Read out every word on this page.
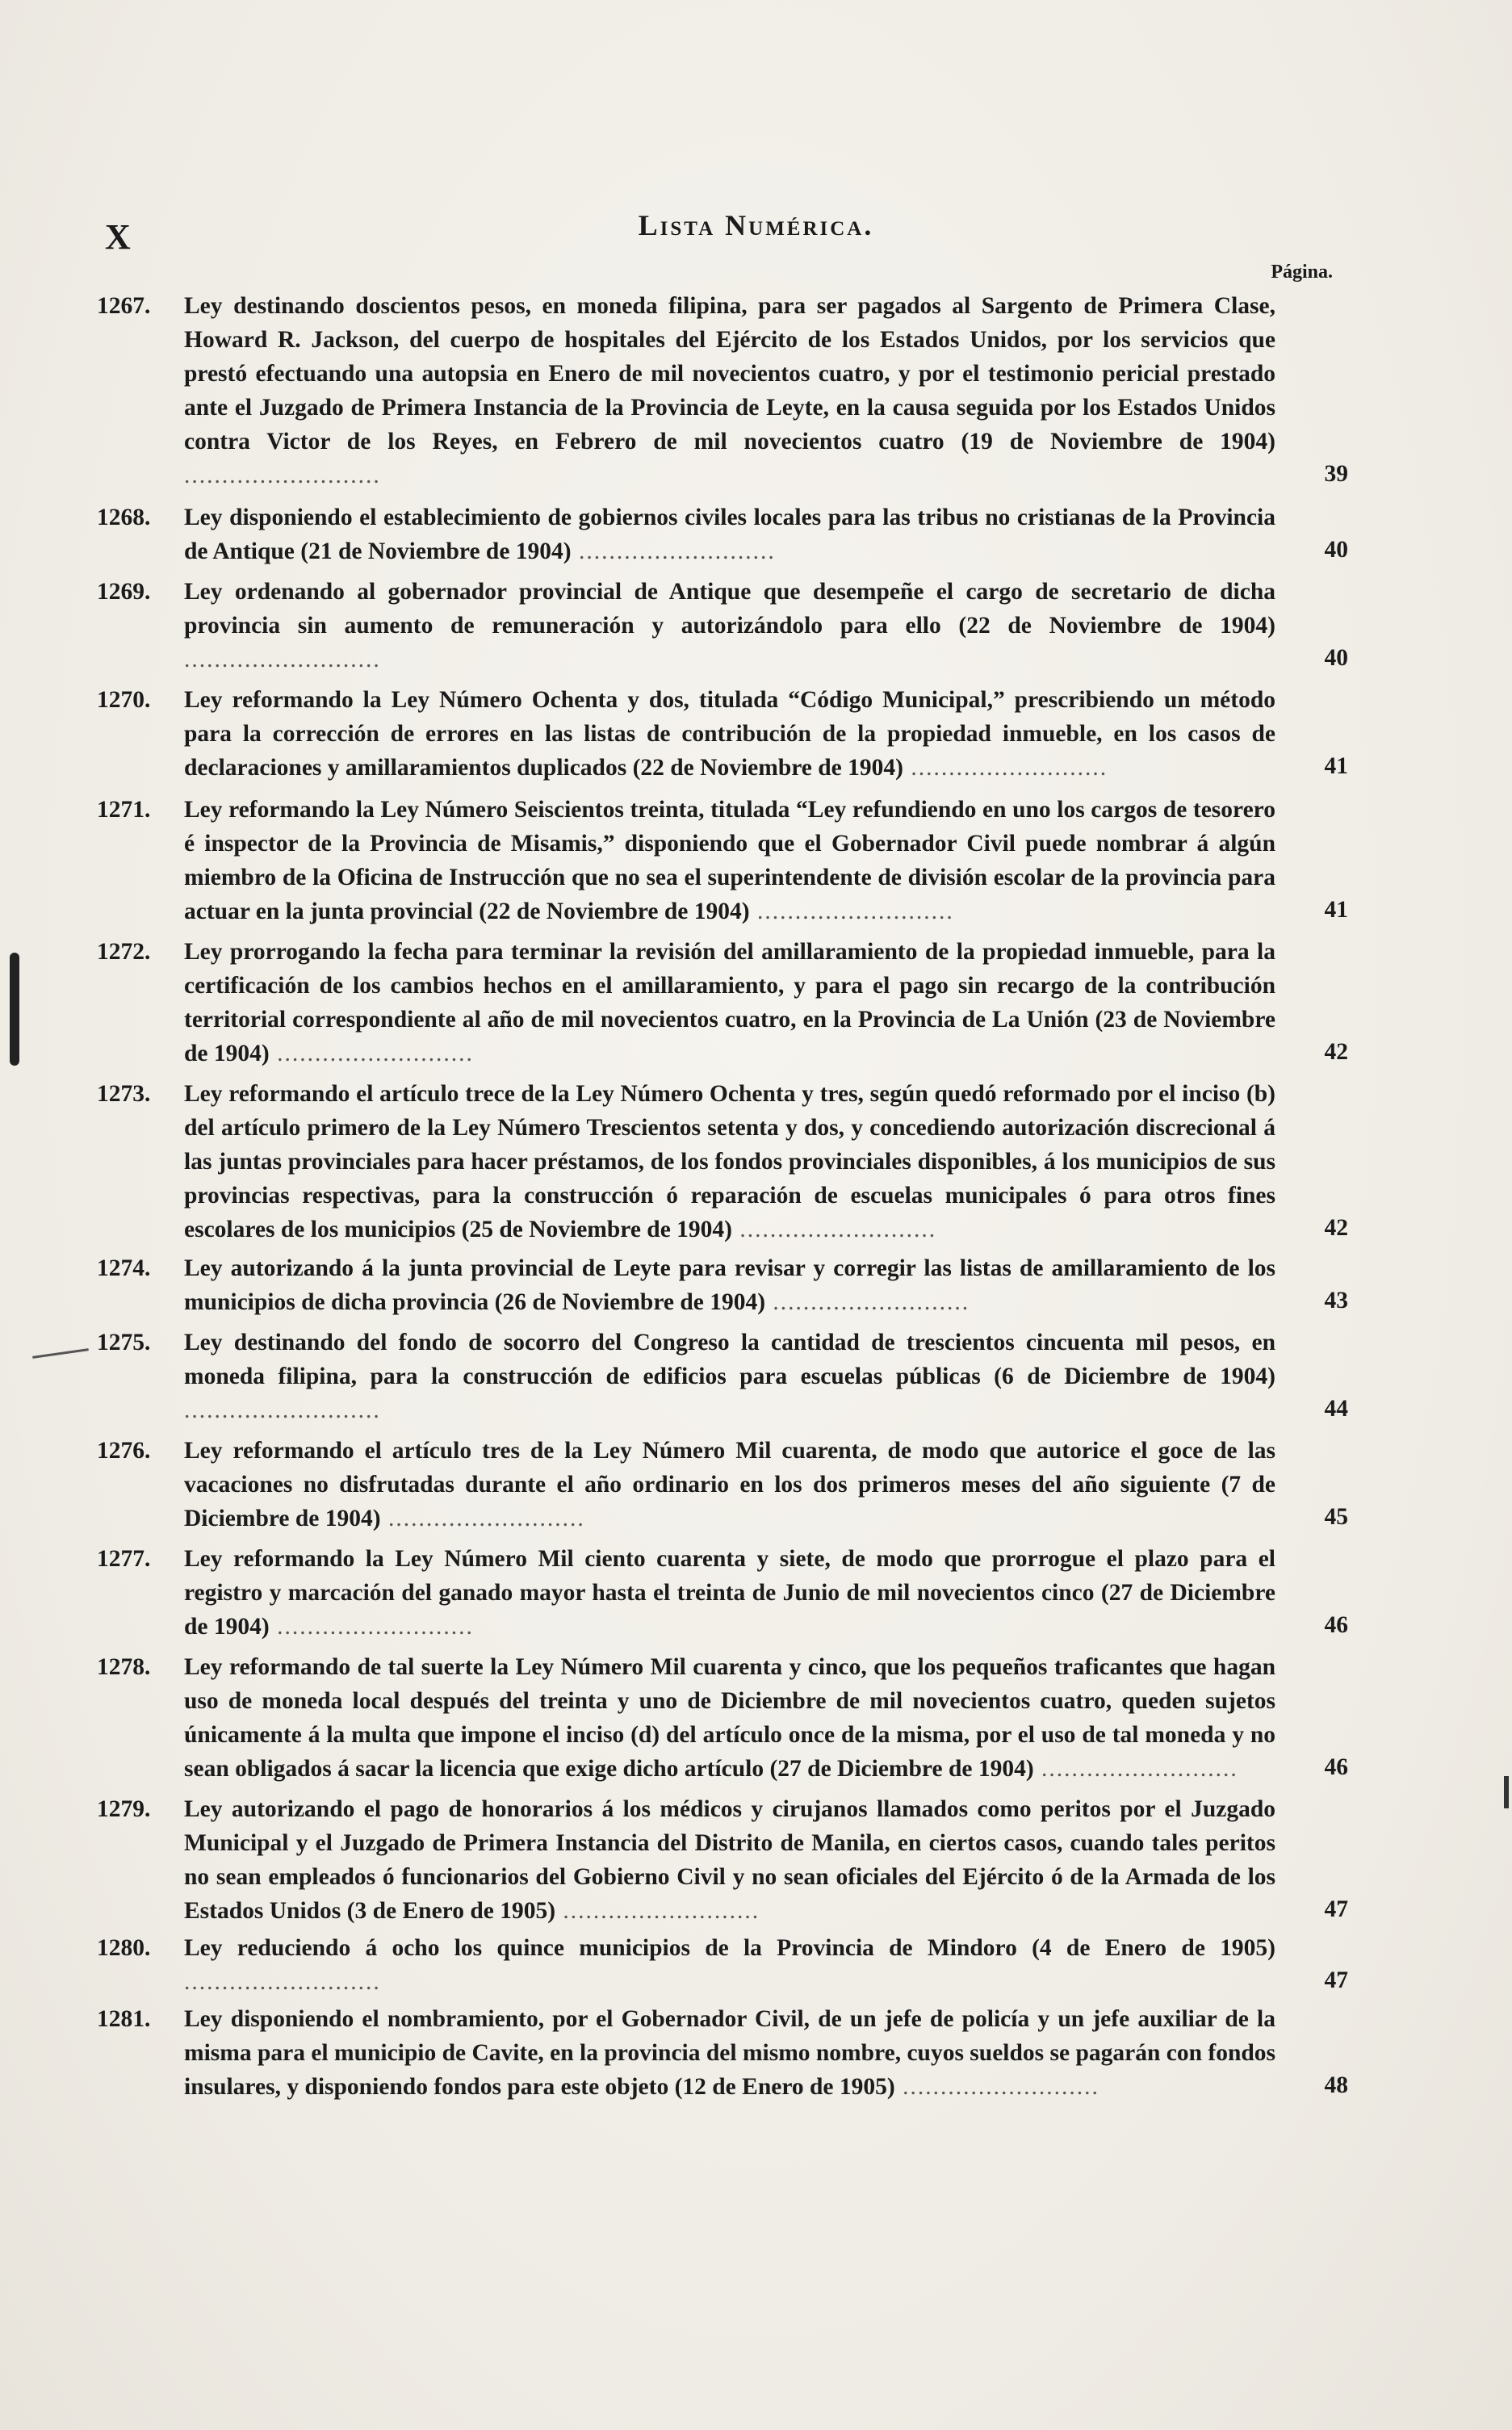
X	Lista Numérica.
Página.
1267.	Ley destinando doscientos pesos, en moneda filipina, para ser pagados al Sargento de Primera Clase, Howard R. Jackson, del cuerpo de hospitales del Ejército de los Estados Unidos, por los servicios que prestó efectuando una autopsia en Enero de mil novecientos cuatro, y por el testimonio pericial prestado ante el Juzgado de Primera Instancia de la Provincia de Leyte, en la causa seguida por los Estados Unidos contra Victor de los Reyes, en Febrero de mil novecientos cuatro (19 de Noviembre de 1904) ..........................	39
1268.	Ley disponiendo el establecimiento de gobiernos civiles locales para las tribus no cristianas de la Provincia de Antique (21 de Noviembre de 1904) ..........................	40
1269.	Ley ordenando al gobernador provincial de Antique que desempeñe el cargo de secretario de dicha provincia sin aumento de remuneración y autorizándolo para ello (22 de Noviembre de 1904) ..........................	40
1270.	Ley reformando la Ley Número Ochenta y dos, titulada “Código Municipal,” prescribiendo un método para la corrección de errores en las listas de contribución de la propiedad inmueble, en los casos de declaraciones y amillaramientos duplicados (22 de Noviembre de 1904) ..........................	41
1271.	Ley reformando la Ley Número Seiscientos treinta, titulada “Ley refundiendo en uno los cargos de tesorero é inspector de la Provincia de Misamis,” disponiendo que el Gobernador Civil puede nombrar á algún miembro de la Oficina de Instrucción que no sea el superintendente de división escolar de la provincia para actuar en la junta provincial (22 de Noviembre de 1904) ..........................	41
1272.	Ley prorrogando la fecha para terminar la revisión del amillaramiento de la propiedad inmueble, para la certificación de los cambios hechos en el amillaramiento, y para el pago sin recargo de la contribución territorial correspondiente al año de mil novecientos cuatro, en la Provincia de La Unión (23 de Noviembre de 1904) ..........................	42
1273.	Ley reformando el artículo trece de la Ley Número Ochenta y tres, según quedó reformado por el inciso (b) del artículo primero de la Ley Número Trescientos setenta y dos, y concediendo autorización discrecional á las juntas provinciales para hacer préstamos, de los fondos provinciales disponibles, á los municipios de sus provincias respectivas, para la construcción ó reparación de escuelas municipales ó para otros fines escolares de los municipios (25 de Noviembre de 1904) ..........................	42
1274.	Ley autorizando á la junta provincial de Leyte para revisar y corregir las listas de amillaramiento de los municipios de dicha provincia (26 de Noviembre de 1904) ..........................	43
1275.	Ley destinando del fondo de socorro del Congreso la cantidad de trescientos cincuenta mil pesos, en moneda filipina, para la construcción de edificios para escuelas públicas (6 de Diciembre de 1904) ..........................	44
1276.	Ley reformando el artículo tres de la Ley Número Mil cuarenta, de modo que autorice el goce de las vacaciones no disfrutadas durante el año ordinario en los dos primeros meses del año siguiente (7 de Diciembre de 1904) ..........................	45
1277.	Ley reformando la Ley Número Mil ciento cuarenta y siete, de modo que prorrogue el plazo para el registro y marcación del ganado mayor hasta el treinta de Junio de mil novecientos cinco (27 de Diciembre de 1904) ..........................	46
1278.	Ley reformando de tal suerte la Ley Número Mil cuarenta y cinco, que los pequeños traficantes que hagan uso de moneda local después del treinta y uno de Diciembre de mil novecientos cuatro, queden sujetos únicamente á la multa que impone el inciso (d) del artículo once de la misma, por el uso de tal moneda y no sean obligados á sacar la licencia que exige dicho artículo (27 de Diciembre de 1904) ..........................	46
1279.	Ley autorizando el pago de honorarios á los médicos y cirujanos llamados como peritos por el Juzgado Municipal y el Juzgado de Primera Instancia del Distrito de Manila, en ciertos casos, cuando tales peritos no sean empleados ó funcionarios del Gobierno Civil y no sean oficiales del Ejército ó de la Armada de los Estados Unidos (3 de Enero de 1905) ..........................	47
1280.	Ley reduciendo á ocho los quince municipios de la Provincia de Mindoro (4 de Enero de 1905) ..........................	47
1281.	Ley disponiendo el nombramiento, por el Gobernador Civil, de un jefe de policía y un jefe auxiliar de la misma para el municipio de Cavite, en la provincia del mismo nombre, cuyos sueldos se pagarán con fondos insulares, y disponiendo fondos para este objeto (12 de Enero de 1905) ..........................	48
